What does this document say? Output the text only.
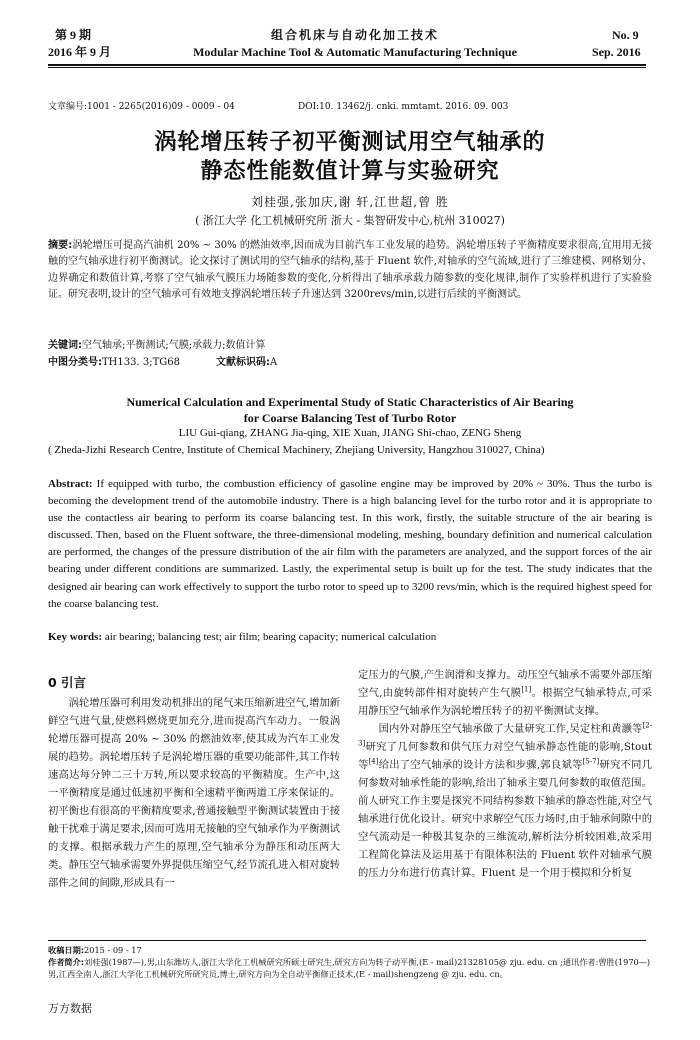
第 9 期
2016 年 9 月
组合机床与自动化加工技术
Modular Machine Tool & Automatic Manufacturing Technique
No. 9
Sep. 2016
文章编号:1001 - 2265(2016)09 - 0009 - 04	DOI:10. 13462/j. cnki. mmtamt. 2016. 09. 003
涡轮增压转子初平衡测试用空气轴承的
静态性能数值计算与实验研究
刘桂强,张加庆,谢 轩,江世超,曾 胜
( 浙江大学 化工机械研究所 浙大 - 集智研发中心,杭州 310027)
摘要:涡轮增压可提高汽油机 20% ~ 30% 的燃油效率,因而成为目前汽车工业发展的趋势。涡轮增压转子平衡精度要求很高,宜用用无接触的空气轴承进行初平衡测试。论文探讨了测试用的空气轴承的结构,基于 Fluent 软件,对轴承的空气流域,进行了三维建模、网格划分、边界确定和数值计算,考察了空气轴承气膜压力场随参数的变化,分析得出了轴承承载力随参数的变化规律,制作了实验样机进行了实验验证。研究表明,设计的空气轴承可有效地支撑涡轮增压转子升速达到 3200revs/min,以进行后续的平衡测试。
关键词:空气轴承;平衡测试;气膜;承载力;数值计算
中图分类号:TH133. 3;TG68	文献标识码:A
Numerical Calculation and Experimental Study of Static Characteristics of Air Bearing
for Coarse Balancing Test of Turbo Rotor
LIU Gui-qiang, ZHANG Jia-qing, XIE Xuan, JIANG Shi-chao, ZENG Sheng
( Zheda-Jizhi Research Centre, Institute of Chemical Machinery, Zhejiang University, Hangzhou 310027, China)
Abstract: If equipped with turbo, the combustion efficiency of gasoline engine may be improved by 20% ~ 30%. Thus the turbo is becoming the development trend of the automobile industry. There is a high balancing level for the turbo rotor and it is appropriate to use the contactless air bearing to perform its coarse balancing test. In this work, firstly, the suitable structure of the air bearing is discussed. Then, based on the Fluent software, the three-dimensional modeling, meshing, boundary definition and numerical calculation are performed, the changes of the pressure distribution of the air film with the parameters are analyzed, and the support forces of the air bearing under different conditions are summarized. Lastly, the experimental setup is built up for the test. The study indicates that the designed air bearing can work effectively to support the turbo rotor to speed up to 3200 revs/min, which is the required highest speed for the coarse balancing test.
Key words: air bearing; balancing test; air film; bearing capacity; numerical calculation
0 引言

涡轮增压器可利用发动机排出的尾气来压缩新进空气,增加新鲜空气进气量,使燃料燃烧更加充分,进而提高汽车动力。一般涡轮增压器可提高 20% ~ 30% 的燃油效率,使其成为汽车工业发展的趋势。涡轮增压转子是涡轮增压器的重要功能部件,其工作转速高达每分钟二三十万转,所以要求较高的平衡精度。生产中,这一平衡精度是通过低速初平衡和全速精平衡两道工序来保证的。初平衡也有很高的平衡精度要求,普通接触型平衡测试装置由于接触干扰难于满足要求,因而可选用无接触的空气轴承作为平衡测试的支撑。根据承载力产生的原理,空气轴承分为静压和动压两大类。静压空气轴承需要外界提供压缩空气,经节流孔进入相对旋转部件之间的间隙,形成具有一

定压力的气膜,产生润滑和支撑力。动压空气轴承不需要外部压缩空气,由旋转部件相对旋转产生气膜[1]。根据空气轴承特点,可采用静压空气轴承作为涡轮增压转子的初平衡测试支撑。

国内外对静压空气轴承做了大量研究工作,吴定柱和黄灏等[2-3]研究了几何参数和供气压力对空气轴承静态性能的影响,Stout 等[4]给出了空气轴承的设计方法和步骤,郭良斌等[5-7]研究不同几何参数对轴承性能的影响,给出了轴承主要几何参数的取值范围。前人研究工作主要是探究不同结构参数下轴承的静态性能,对空气轴承进行优化设计。研究中求解空气压力场时,由于轴承间隙中的空气流动是一种极其复杂的三维流动,解析法分析较困难,故采用工程简化算法及运用基于有限体积法的 Fluent 软件对轴承气膜的压力分布进行仿真计算。Fluent 是一个用于模拟和分析复

收稿日期:2015 - 09 - 17
作者简介:刘桂强(1987—),男,山东潍坊人,浙江大学化工机械研究所硕士研究生,研究方向为转子动平衡,(E - mail)21328105@ zju. edu. cn ;通讯作者:曾胜(1970—) 男,江西全南人,浙江大学化工机械研究所研究员,博士,研究方向为全自动平衡修正技术,(E - mail)shengzeng @ zju. edu. cn。
万方数据
